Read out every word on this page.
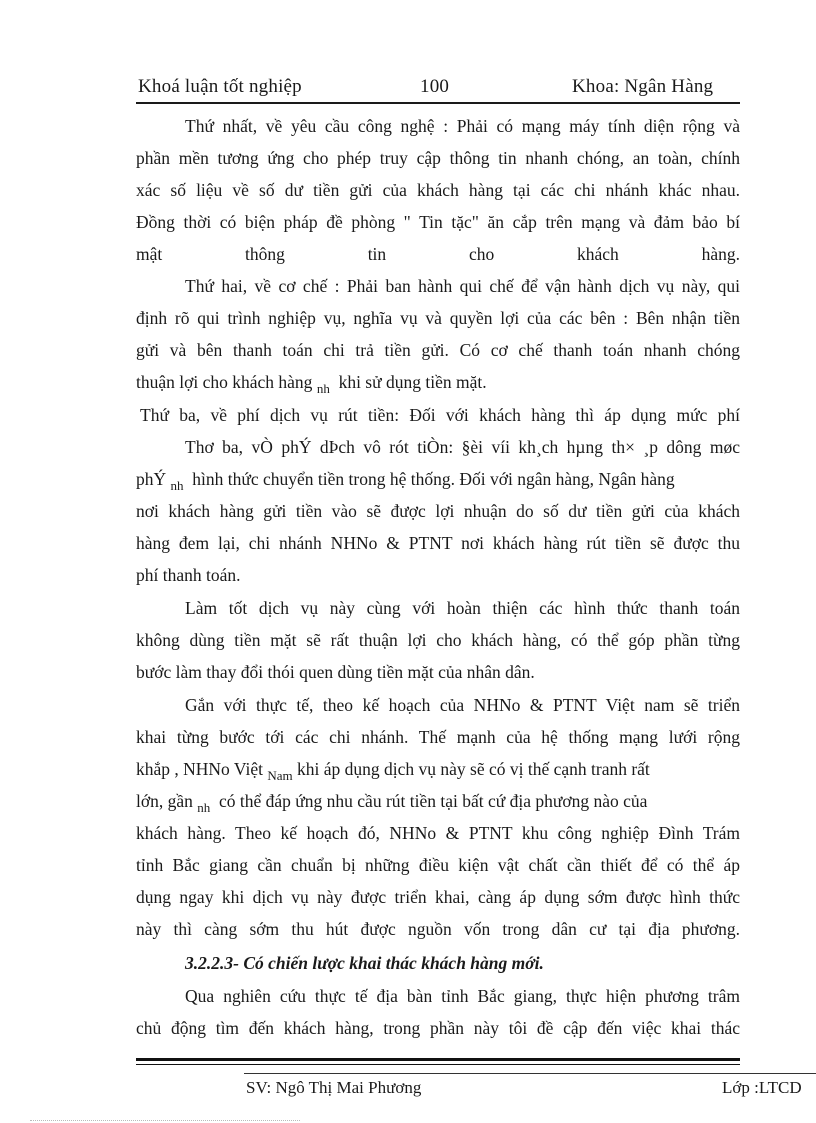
Khoá luận tốt nghiệp	100	Khoa: Ngân Hàng
Thứ nhất, về yêu cầu công nghệ : Phải có mạng máy tính diện rộng và
phần mền tương ứng cho phép truy cập thông tin nhanh chóng, an toàn, chính
xác số liệu về số dư tiền gửi của khách hàng tại các chi nhánh khác nhau.
Đồng thời có biện pháp đề phòng " Tin tặc" ăn cắp trên mạng và đảm bảo bí
mật thông tin cho khách hàng.
Thứ hai, về cơ chế : Phải ban hành qui chế để vận hành dịch vụ này, qui
định rõ qui trình nghiệp vụ, nghĩa vụ và quyền lợi của các bên : Bên nhận tiền
gửi và bên thanh toán chi trả tiền gửi. Có cơ chế thanh toán nhanh chóng
thuận lợi cho khách hàng $_{nh}$ khi sử dụng tiền mặt.
Thứ ba, về phí dịch vụ rút tiền: Đối với khách hàng thì áp dụng mức phí
Thơ ba, vÒ phÝ dÞch vô rót tiÒn: §èi víi kh¸ch hµng th× ¸p dông møc
phÝ $_{nh}$ hình thức chuyển tiền trong hệ thống. Đối với ngân hàng, Ngân hàng
nơi khách hàng gửi tiền vào sẽ được lợi nhuận do số dư tiền gửi của khách
hàng đem lại, chi nhánh NHNo & PTNT nơi khách hàng rút tiền sẽ được thu
phí thanh toán.
Làm tốt dịch vụ này cùng với hoàn thiện các hình thức thanh toán
không dùng tiền mặt sẽ rất thuận lợi cho khách hàng, có thể góp phần từng
bước làm thay đổi thói quen dùng tiền mặt của nhân dân.
Gắn với thực tế, theo kế hoạch của NHNo & PTNT Việt nam sẽ triển
khai từng bước tới các chi nhánh. Thế mạnh của hệ thống mạng lưới rộng
khắp , NHNo Việt $_{Nam}$ khi áp dụng dịch vụ này sẽ có vị thế cạnh tranh rất
lớn, gần $_{nh}$ có thể đáp ứng nhu cầu rút tiền tại bất cứ địa phương nào của
khách hàng. Theo kế hoạch đó, NHNo & PTNT khu công nghiệp Đình Trám
tỉnh Bắc giang cần chuẩn bị những điều kiện vật chất cần thiết để có thể áp
dụng ngay khi dịch vụ này được triển khai, càng áp dụng sớm được hình thức
này thì càng sớm thu hút được nguồn vốn trong dân cư tại địa phương.
3.2.2.3- Có chiến lược khai thác khách hàng mới.
Qua nghiên cứu thực tế địa bàn tỉnh Bắc giang, thực hiện phương trâm
chủ động tìm đến khách hàng, trong phần này tôi đề cập đến việc khai thác
SV: Ngô Thị Mai Phương	Lớp :LTCD
